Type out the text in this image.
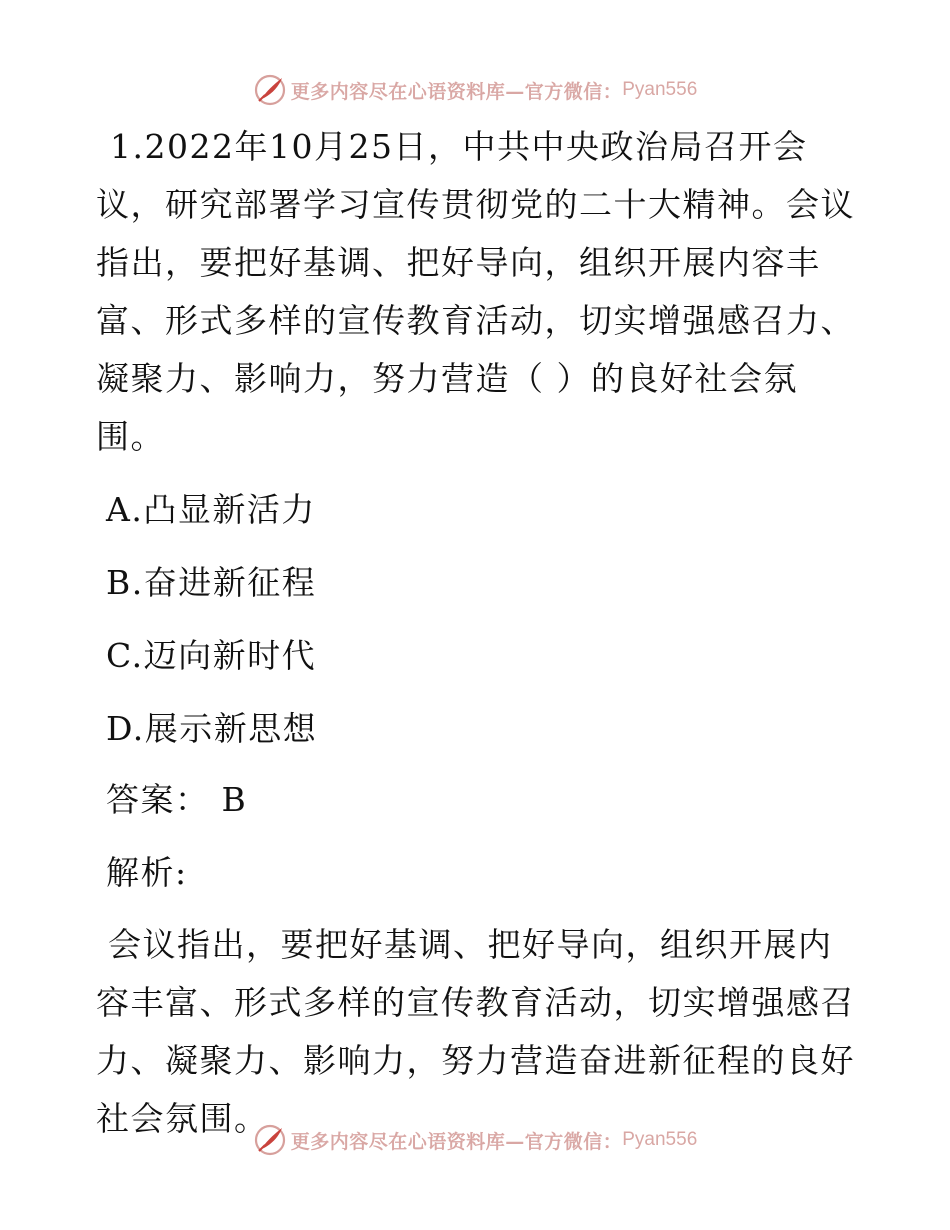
更多内容尽在心语资料库—官方微信： Pyan556

1.2022年10月25日，中共中央政治局召开会议，研究部署学习宣传贯彻党的二十大精神。会议指出，要把好基调、把好导向，组织开展内容丰富、形式多样的宣传教育活动，切实增强感召力、凝聚力、影响力，努力营造（ ）的良好社会氛围。

A.凸显新活力

B.奋进新征程

C.迈向新时代

D.展示新思想

答案： B

解析:

会议指出，要把好基调、把好导向，组织开展内容丰富、形式多样的宣传教育活动，切实增强感召力、凝聚力、影响力，努力营造奋进新征程的良好社会氛围。

更多内容尽在心语资料库—官方微信： Pyan556
